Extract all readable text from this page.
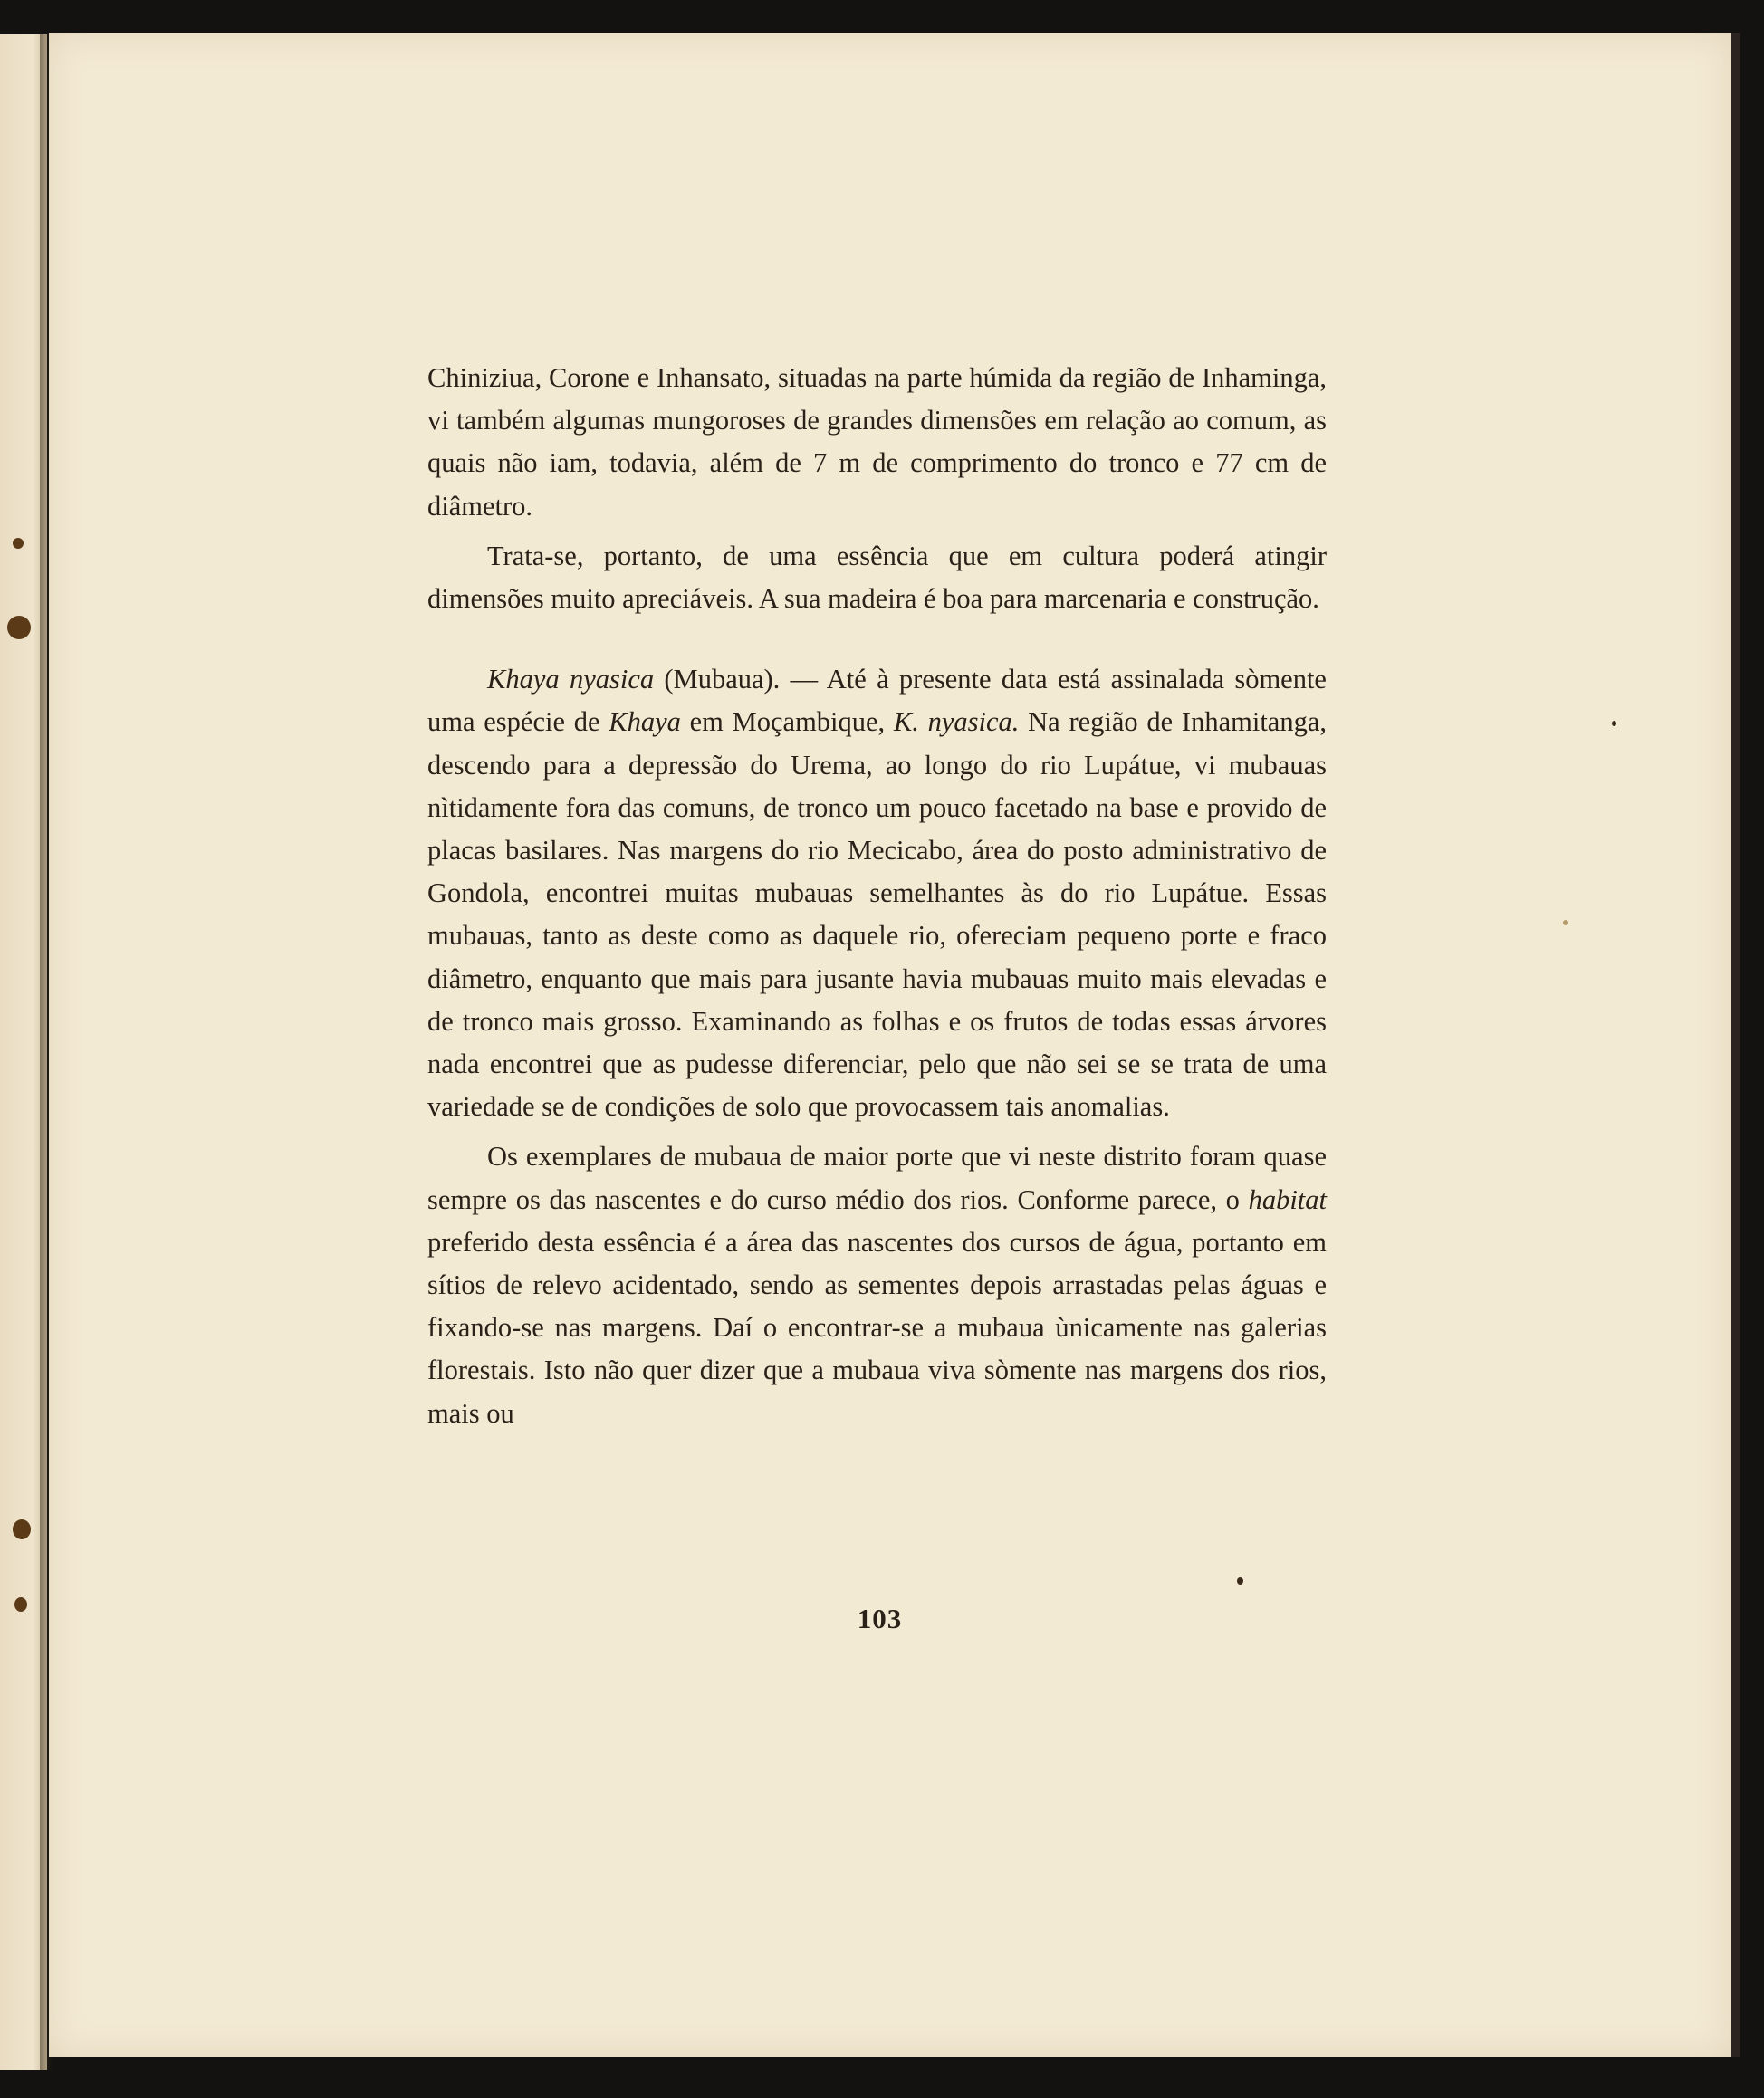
Chiniziua, Corone e Inhansato, situadas na parte húmida da região de Inhaminga, vi também algumas mungoroses de grandes dimensões em relação ao comum, as quais não iam, todavia, além de 7 m de comprimento do tronco e 77 cm de diâmetro.

Trata-se, portanto, de uma essência que em cultura poderá atingir dimensões muito apreciáveis. A sua madeira é boa para marcenaria e construção.

Khaya nyasica (Mubaua). — Até à presente data está assinalada sòmente uma espécie de Khaya em Moçambique, K. nyasica. Na região de Inhamitanga, descendo para a depressão do Urema, ao longo do rio Lupátue, vi mubauas nìtidamente fora das comuns, de tronco um pouco facetado na base e provido de placas basilares. Nas margens do rio Mecicabo, área do posto administrativo de Gondola, encontrei muitas mubauas semelhantes às do rio Lupátue. Essas mubauas, tanto as deste como as daquele rio, ofereciam pequeno porte e fraco diâmetro, enquanto que mais para jusante havia mubauas muito mais elevadas e de tronco mais grosso. Examinando as folhas e os frutos de todas essas árvores nada encontrei que as pudesse diferenciar, pelo que não sei se se trata de uma variedade se de condições de solo que provocassem tais anomalias.

Os exemplares de mubaua de maior porte que vi neste distrito foram quase sempre os das nascentes e do curso médio dos rios. Conforme parece, o habitat preferido desta essência é a área das nascentes dos cursos de água, portanto em sítios de relevo acidentado, sendo as sementes depois arrastadas pelas águas e fixando-se nas margens. Daí o encontrar-se a mubaua ùnicamente nas galerias florestais. Isto não quer dizer que a mubaua viva sòmente nas margens dos rios, mais ou

103
